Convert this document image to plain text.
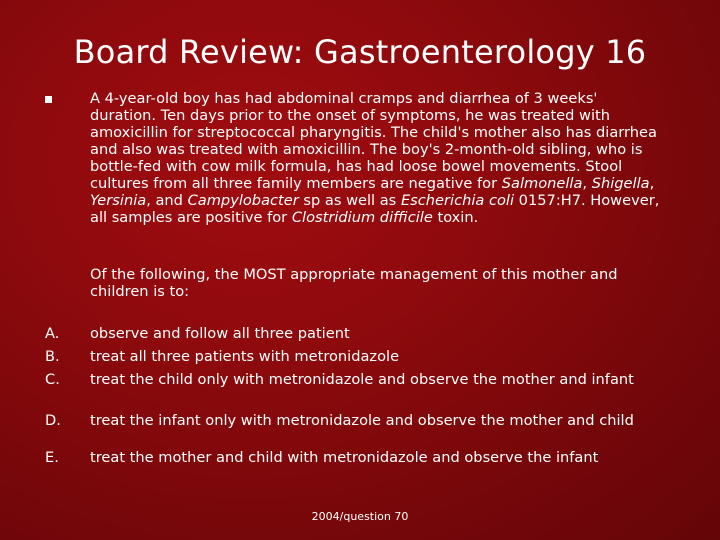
Board Review: Gastroenterology 16
A 4-year-old boy has had abdominal cramps and diarrhea of 3 weeks' duration. Ten days prior to the onset of symptoms, he was treated with amoxicillin for streptococcal pharyngitis. The child's mother also has diarrhea and also was treated with amoxicillin. The boy's 2-month-old sibling, who is bottle-fed with cow milk formula, has had loose bowel movements. Stool cultures from all three family members are negative for Salmonella, Shigella, Yersinia, and Campylobacter sp as well as Escherichia coli 0157:H7. However, all samples are positive for Clostridium difficile toxin.
Of the following, the MOST appropriate management of this mother and children is to:
A. observe and follow all three patient
B. treat all three patients with metronidazole
C. treat the child only with metronidazole and observe the mother and infant
D. treat the infant only with metronidazole and observe the mother and child
E. treat the mother and child with metronidazole and observe the infant
2004/question 70
